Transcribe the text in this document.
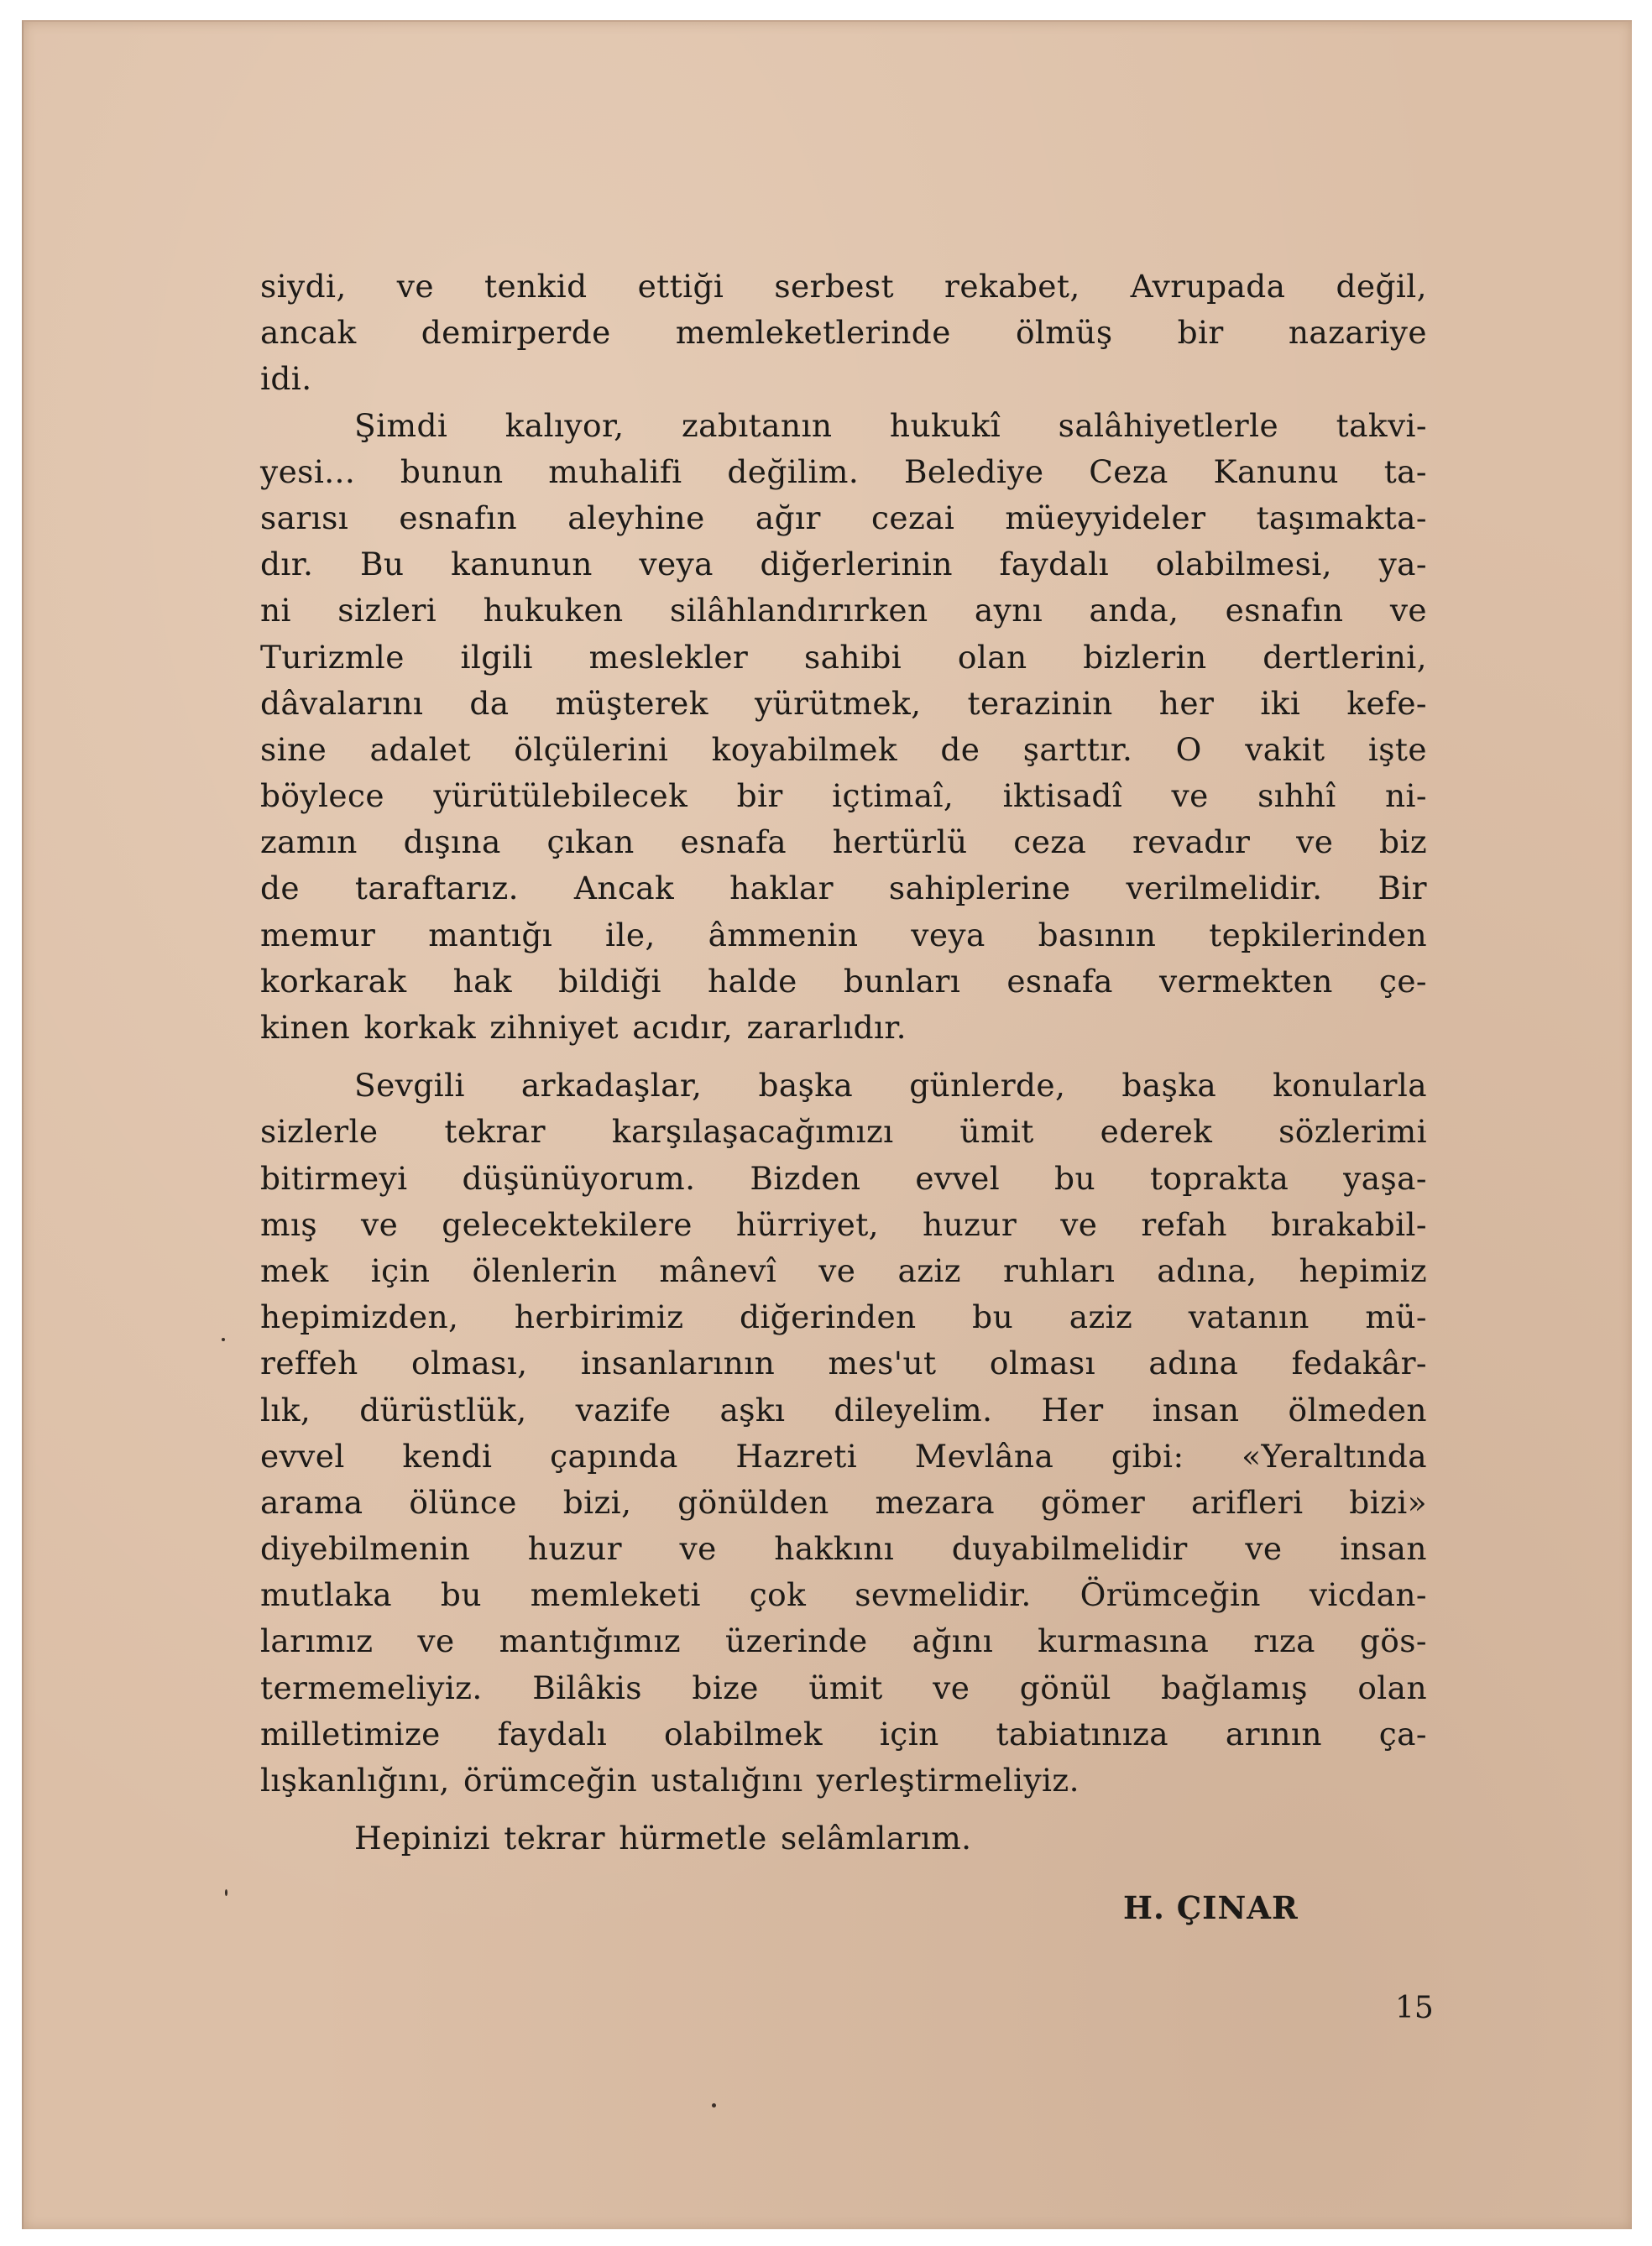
siydi, ve tenkid ettiği serbest rekabet, Avrupada değil,
ancak demirperde memleketlerinde ölmüş bir nazariye
idi.
Şimdi kalıyor, zabıtanın hukukî salâhiyetlerle takvi-
yesi... bunun muhalifi değilim. Belediye Ceza Kanunu ta-
sarısı esnafın aleyhine ağır cezai müeyyideler taşımakta-
dır. Bu kanunun veya diğerlerinin faydalı olabilmesi, ya-
ni sizleri hukuken silâhlandırırken aynı anda, esnafın ve
Turizmle ilgili meslekler sahibi olan bizlerin dertlerini,
dâvalarını da müşterek yürütmek, terazinin her iki kefe-
sine adalet ölçülerini koyabilmek de şarttır. O vakit işte
böylece yürütülebilecek bir içtimaî, iktisadî ve sıhhî ni-
zamın dışına çıkan esnafa hertürlü ceza revadır ve biz
de taraftarız. Ancak haklar sahiplerine verilmelidir. Bir
memur mantığı ile, âmmenin veya basının tepkilerinden
korkarak hak bildiği halde bunları esnafa vermekten çe-
kinen korkak zihniyet acıdır, zararlıdır.
Sevgili arkadaşlar, başka günlerde, başka konularla
sizlerle tekrar karşılaşacağımızı ümit ederek sözlerimi
bitirmeyi düşünüyorum. Bizden evvel bu toprakta yaşa-
mış ve gelecektekilere hürriyet, huzur ve refah bırakabil-
mek için ölenlerin mânevî ve aziz ruhları adına, hepimiz
hepimizden, herbirimiz diğerinden bu aziz vatanın mü-
reffeh olması, insanlarının mes'ut olması adına fedakâr-
lık, dürüstlük, vazife aşkı dileyelim. Her insan ölmeden
evvel kendi çapında Hazreti Mevlâna gibi: «Yeraltında
arama ölünce bizi, gönülden mezara gömer arifleri bizi»
diyebilmenin huzur ve hakkını duyabilmelidir ve insan
mutlaka bu memleketi çok sevmelidir. Örümceğin vicdan-
larımız ve mantığımız üzerinde ağını kurmasına rıza gös-
termemeliyiz. Bilâkis bize ümit ve gönül bağlamış olan
milletimize faydalı olabilmek için tabiatınıza arının ça-
lışkanlığını, örümceğin ustalığını yerleştirmeliyiz.
Hepinizi tekrar hürmetle selâmlarım.
H. ÇINAR
15
